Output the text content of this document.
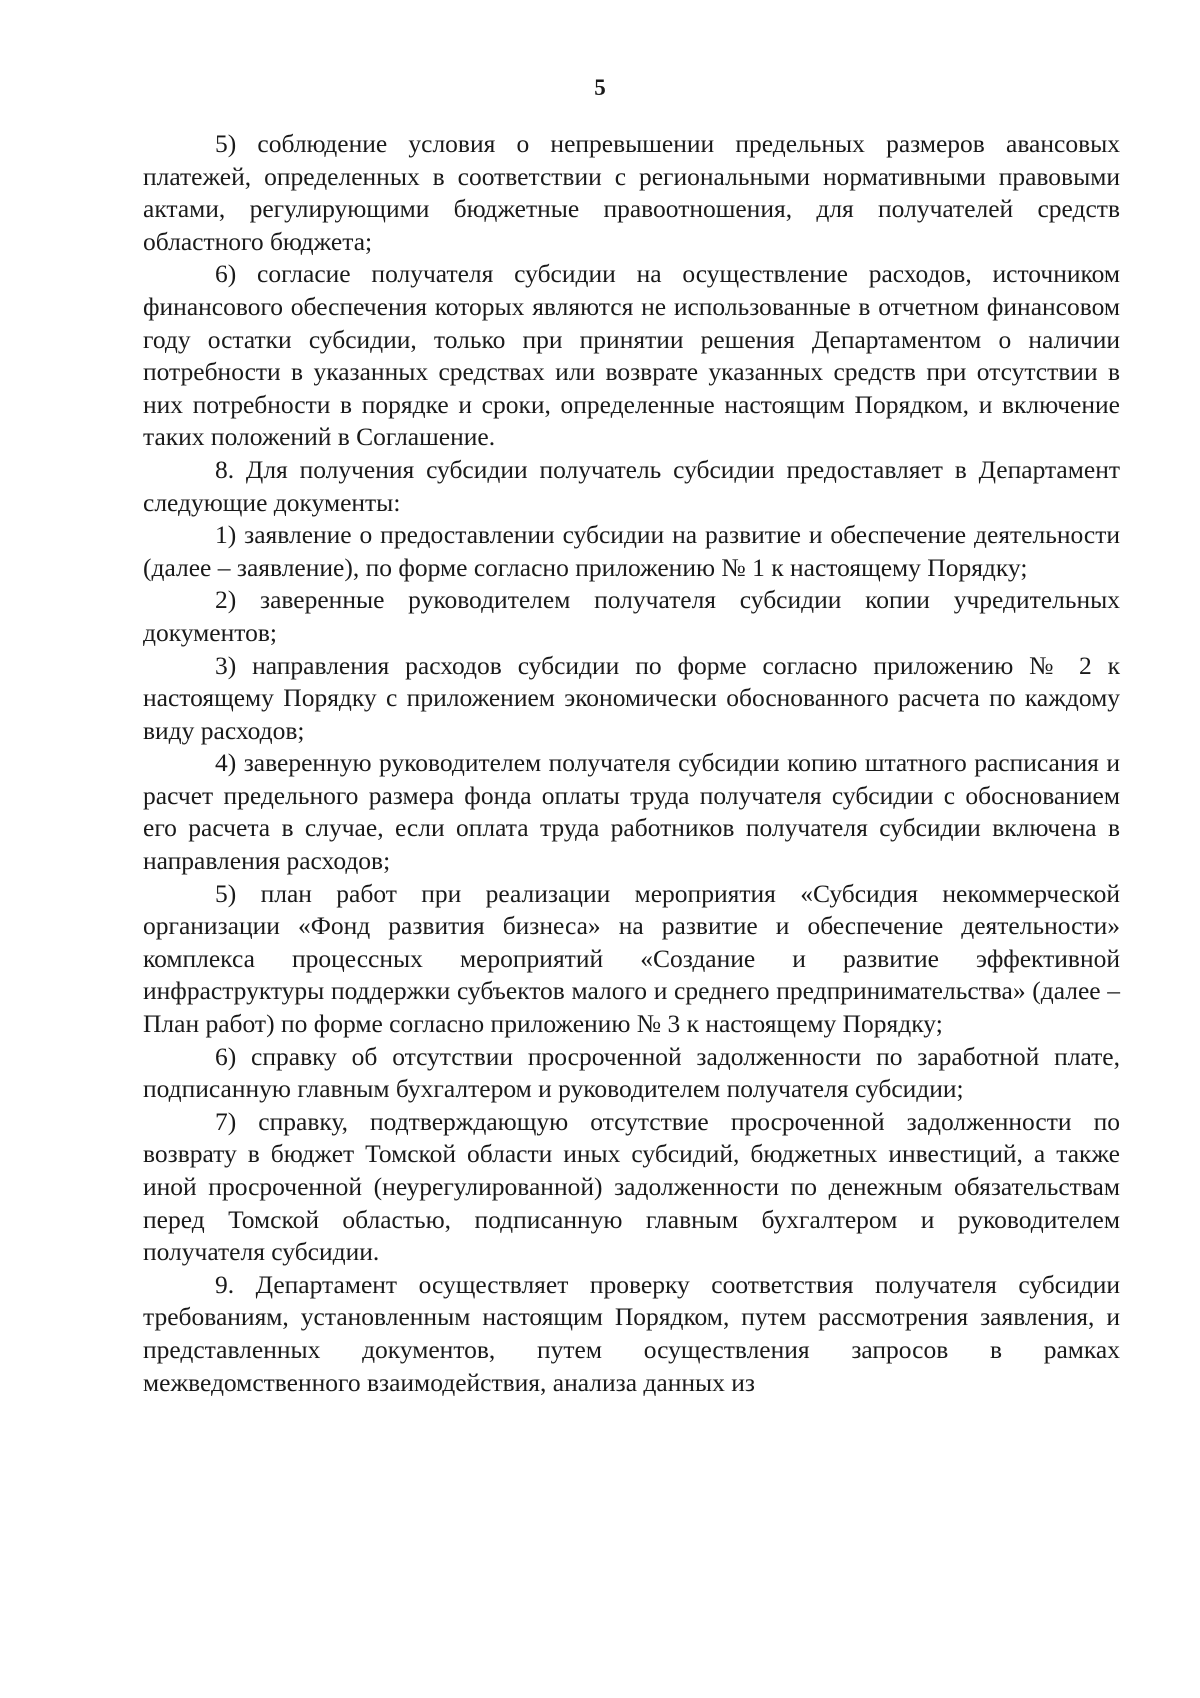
5

5) соблюдение условия о непревышении предельных размеров авансовых платежей, определенных в соответствии с региональными нормативными правовыми актами, регулирующими бюджетные правоотношения, для получателей средств областного бюджета;

6) согласие получателя субсидии на осуществление расходов, источником финансового обеспечения которых являются не использованные в отчетном финансовом году остатки субсидии, только при принятии решения Департаментом о наличии потребности в указанных средствах или возврате указанных средств при отсутствии в них потребности в порядке и сроки, определенные настоящим Порядком, и включение таких положений в Соглашение.

8. Для получения субсидии получатель субсидии предоставляет в Департамент следующие документы:

1) заявление о предоставлении субсидии на развитие и обеспечение деятельности (далее – заявление), по форме согласно приложению № 1 к настоящему Порядку;

2) заверенные руководителем получателя субсидии копии учредительных документов;

3) направления расходов субсидии по форме согласно приложению № 2 к настоящему Порядку с приложением экономически обоснованного расчета по каждому виду расходов;

4) заверенную руководителем получателя субсидии копию штатного расписания и расчет предельного размера фонда оплаты труда получателя субсидии с обоснованием его расчета в случае, если оплата труда работников получателя субсидии включена в направления расходов;

5) план работ при реализации мероприятия «Субсидия некоммерческой организации «Фонд развития бизнеса» на развитие и обеспечение деятельности» комплекса процессных мероприятий «Создание и развитие эффективной инфраструктуры поддержки субъектов малого и среднего предпринимательства» (далее – План работ) по форме согласно приложению № 3 к настоящему Порядку;

6) справку об отсутствии просроченной задолженности по заработной плате, подписанную главным бухгалтером и руководителем получателя субсидии;

7) справку, подтверждающую отсутствие просроченной задолженности по возврату в бюджет Томской области иных субсидий, бюджетных инвестиций, а также иной просроченной (неурегулированной) задолженности по денежным обязательствам перед Томской областью, подписанную главным бухгалтером и руководителем получателя субсидии.

9. Департамент осуществляет проверку соответствия получателя субсидии требованиям, установленным настоящим Порядком, путем рассмотрения заявления, и представленных документов, путем осуществления запросов в рамках межведомственного взаимодействия, анализа данных из
